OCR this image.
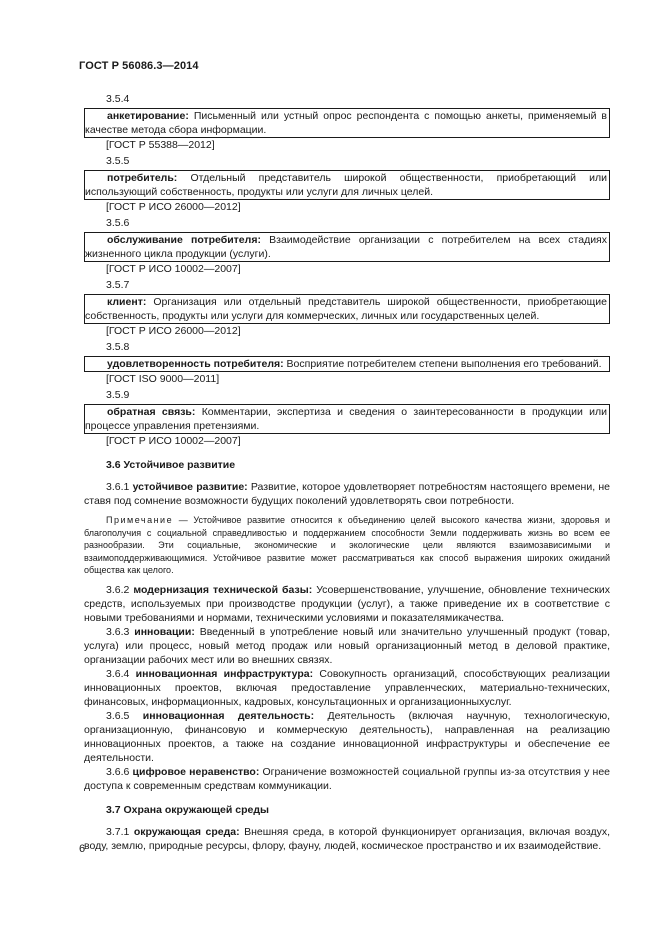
ГОСТ Р 56086.3—2014
3.5.4
анкетирование: Письменный или устный опрос респондента с помощью анкеты, применяемый в качестве метода сбора информации.
[ГОСТ Р 55388—2012]
3.5.5
потребитель: Отдельный представитель широкой общественности, приобретающий или использующий собственность, продукты или услуги для личных целей.
[ГОСТ Р ИСО 26000—2012]
3.5.6
обслуживание потребителя: Взаимодействие организации с потребителем на всех стадиях жизненного цикла продукции (услуги).
[ГОСТ Р ИСО 10002—2007]
3.5.7
клиент: Организация или отдельный представитель широкой общественности, приобретающие собственность, продукты или услуги для коммерческих, личных или государственных целей.
[ГОСТ Р ИСО 26000—2012]
3.5.8
удовлетворенность потребителя: Восприятие потребителем степени выполнения его требований.
[ГОСТ ISO 9000—2011]
3.5.9
обратная связь: Комментарии, экспертиза и сведения о заинтересованности в продукции или процессе управления претензиями.
[ГОСТ Р ИСО 10002—2007]
3.6 Устойчивое развитие
3.6.1 устойчивое развитие: Развитие, которое удовлетворяет потребностям настоящего времени, не ставя под сомнение возможности будущих поколений удовлетворять свои потребности.
Примечание — Устойчивое развитие относится к объединению целей высокого качества жизни, здоровья и благополучия с социальной справедливостью и поддержанием способности Земли поддерживать жизнь во всем ее разнообразии. Эти социальные, экономические и экологические цели являются взаимозависимыми и взаимоподдерживающимися. Устойчивое развитие может рассматриваться как способ выражения широких ожиданий общества как целого.
3.6.2 модернизация технической базы: Усовершенствование, улучшение, обновление технических средств, используемых при производстве продукции (услуг), а также приведение их в соответствие с новыми требованиями и нормами, техническими условиями и показателямикачества.
3.6.3 инновации: Введенный в употребление новый или значительно улучшенный продукт (товар, услуга) или процесс, новый метод продаж или новый организационный метод в деловой практике, организации рабочих мест или во внешних связях.
3.6.4 инновационная инфраструктура: Совокупность организаций, способствующих реализации инновационных проектов, включая предоставление управленческих, материально-технических, финансовых, информационных, кадровых, консультационных и организационныхуслуг.
3.6.5 инновационная деятельность: Деятельность (включая научную, технологическую, организационную, финансовую и коммерческую деятельность), направленная на реализацию инновационных проектов, а также на создание инновационной инфраструктуры и обеспечение ее деятельности.
3.6.6 цифровое неравенство: Ограничение возможностей социальной группы из-за отсутствия у нее доступа к современным средствам коммуникации.
3.7 Охрана окружающей среды
3.7.1 окружающая среда: Внешняя среда, в которой функционирует организация, включая воздух, воду, землю, природные ресурсы, флору, фауну, людей, космическое пространство и их взаимодействие.
6
